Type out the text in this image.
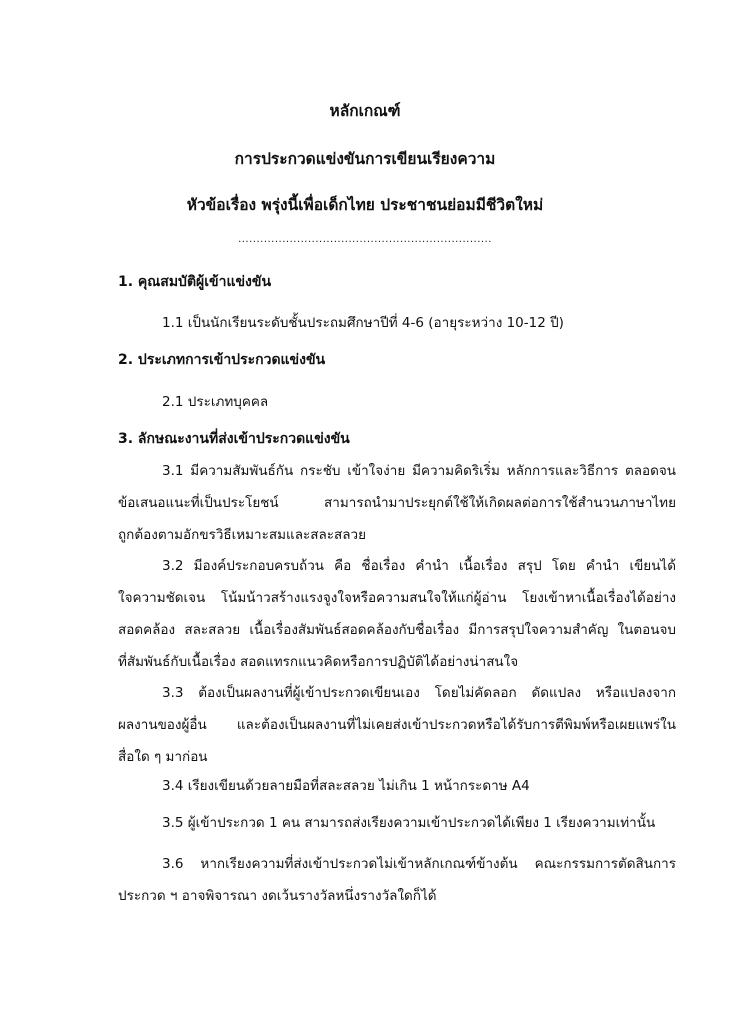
หลักเกณฑ์
การประกวดแข่งขันการเขียนเรียงความ
หัวข้อเรื่อง พรุ่งนี้เพื่อเด็กไทย ประชาชนย่อมมีชีวิตใหม่
.....................................................................
1. คุณสมบัติผู้เข้าแข่งขัน
1.1 เป็นนักเรียนระดับชั้นประถมศึกษาปีที่ 4-6 (อายุระหว่าง 10-12 ปี)
2. ประเภทการเข้าประกวดแข่งขัน
2.1 ประเภทบุคคล
3. ลักษณะงานที่ส่งเข้าประกวดแข่งขัน
3.1 มีความสัมพันธ์กัน กระชับ เข้าใจง่าย มีความคิดริเริ่ม หลักการและวิธีการ ตลอดจน
ข้อเสนอแนะที่เป็นประโยชน์ สามารถนำมาประยุกต์ใช้ให้เกิดผลต่อการใช้สำนวนภาษาไทย
ถูกต้องตามอักขรวิธีเหมาะสมและสละสลวย
3.2 มีองค์ประกอบครบถ้วน คือ ชื่อเรื่อง คำนำ เนื้อเรื่อง สรุป โดย คำนำ เขียนได้
ใจความชัดเจน โน้มน้าวสร้างแรงจูงใจหรือความสนใจให้แก่ผู้อ่าน โยงเข้าหาเนื้อเรื่องได้อย่าง
สอดคล้อง สละสลวย เนื้อเรื่องสัมพันธ์สอดคล้องกับชื่อเรื่อง มีการสรุปใจความสำคัญ ในตอนจบ
ที่สัมพันธ์กับเนื้อเรื่อง สอดแทรกแนวคิดหรือการปฏิบัติได้อย่างน่าสนใจ
3.3 ต้องเป็นผลงานที่ผู้เข้าประกวดเขียนเอง โดยไม่คัดลอก ดัดแปลง หรือแปลงจาก
ผลงานของผู้อื่น และต้องเป็นผลงานที่ไม่เคยส่งเข้าประกวดหรือได้รับการตีพิมพ์หรือเผยแพร่ใน
สื่อใด ๆ มาก่อน
3.4 เรียงเขียนด้วยลายมือที่สละสลวย ไม่เกิน 1 หน้ากระดาษ A4
3.5 ผู้เข้าประกวด 1 คน สามารถส่งเรียงความเข้าประกวดได้เพียง 1 เรียงความเท่านั้น
3.6 หากเรียงความที่ส่งเข้าประกวดไม่เข้าหลักเกณฑ์ข้างต้น คณะกรรมการตัดสินการ
ประกวด ฯ อาจพิจารณา งดเว้นรางวัลหนึ่งรางวัลใดก็ได้
